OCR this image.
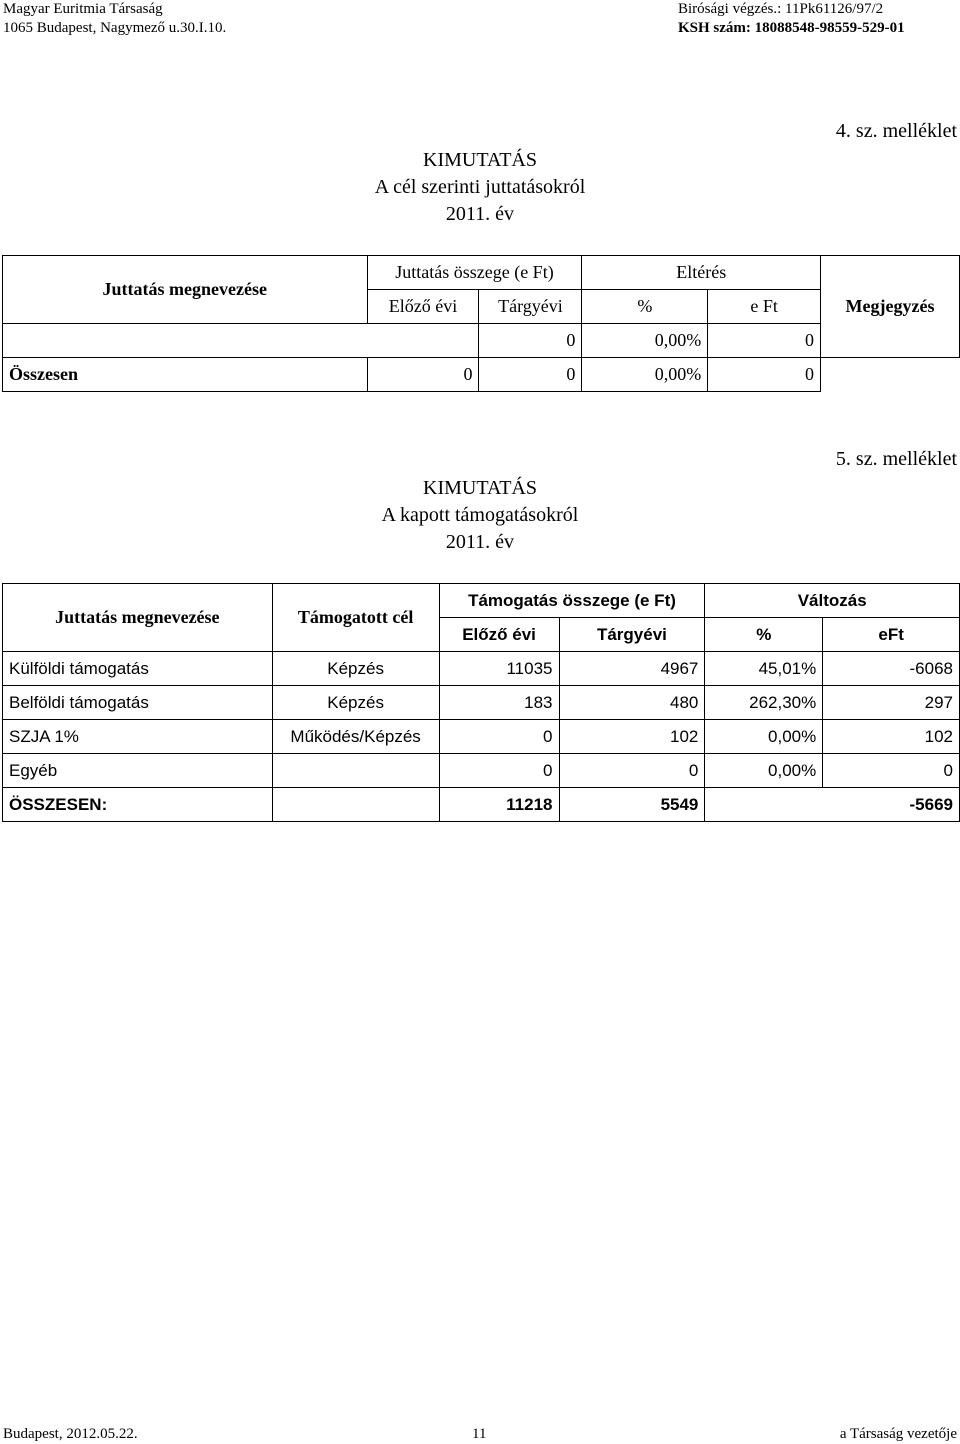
Magyar Euritmia Társaság
1065 Budapest, Nagymező u.30.I.10.
Birósági végzés.: 11Pk61126/97/2
KSH szám: 18088548-98559-529-01
4. sz. melléklet
KIMUTATÁS
A cél szerinti juttatásokról
2011. év
Juttatás megnevezése	Juttatás összege (e Ft)		Eltérés		Megjegyzés
	Előző évi	Tárgyévi	%	e Ft	
		0	0,00%	0	
Összesen	0	0	0,00%	0	
5. sz. melléklet
KIMUTATÁS
A kapott támogatásokról
2011. év
Juttatás megnevezése	Támogatott cél	Támogatás összege (e Ft)		Változás	
		Előző évi	Tárgyévi	%	eFt
Külföldi támogatás	Képzés	11035	4967	45,01%	-6068
Belföldi támogatás	Képzés	183	480	262,30%	297
SZJA 1%	Működés/Képzés	0	102	0,00%	102
Egyéb		0	0	0,00%	0
ÖSSZESEN:		11218	5549		-5669
Budapest, 2012.05.22.	11	a Társaság vezetője
